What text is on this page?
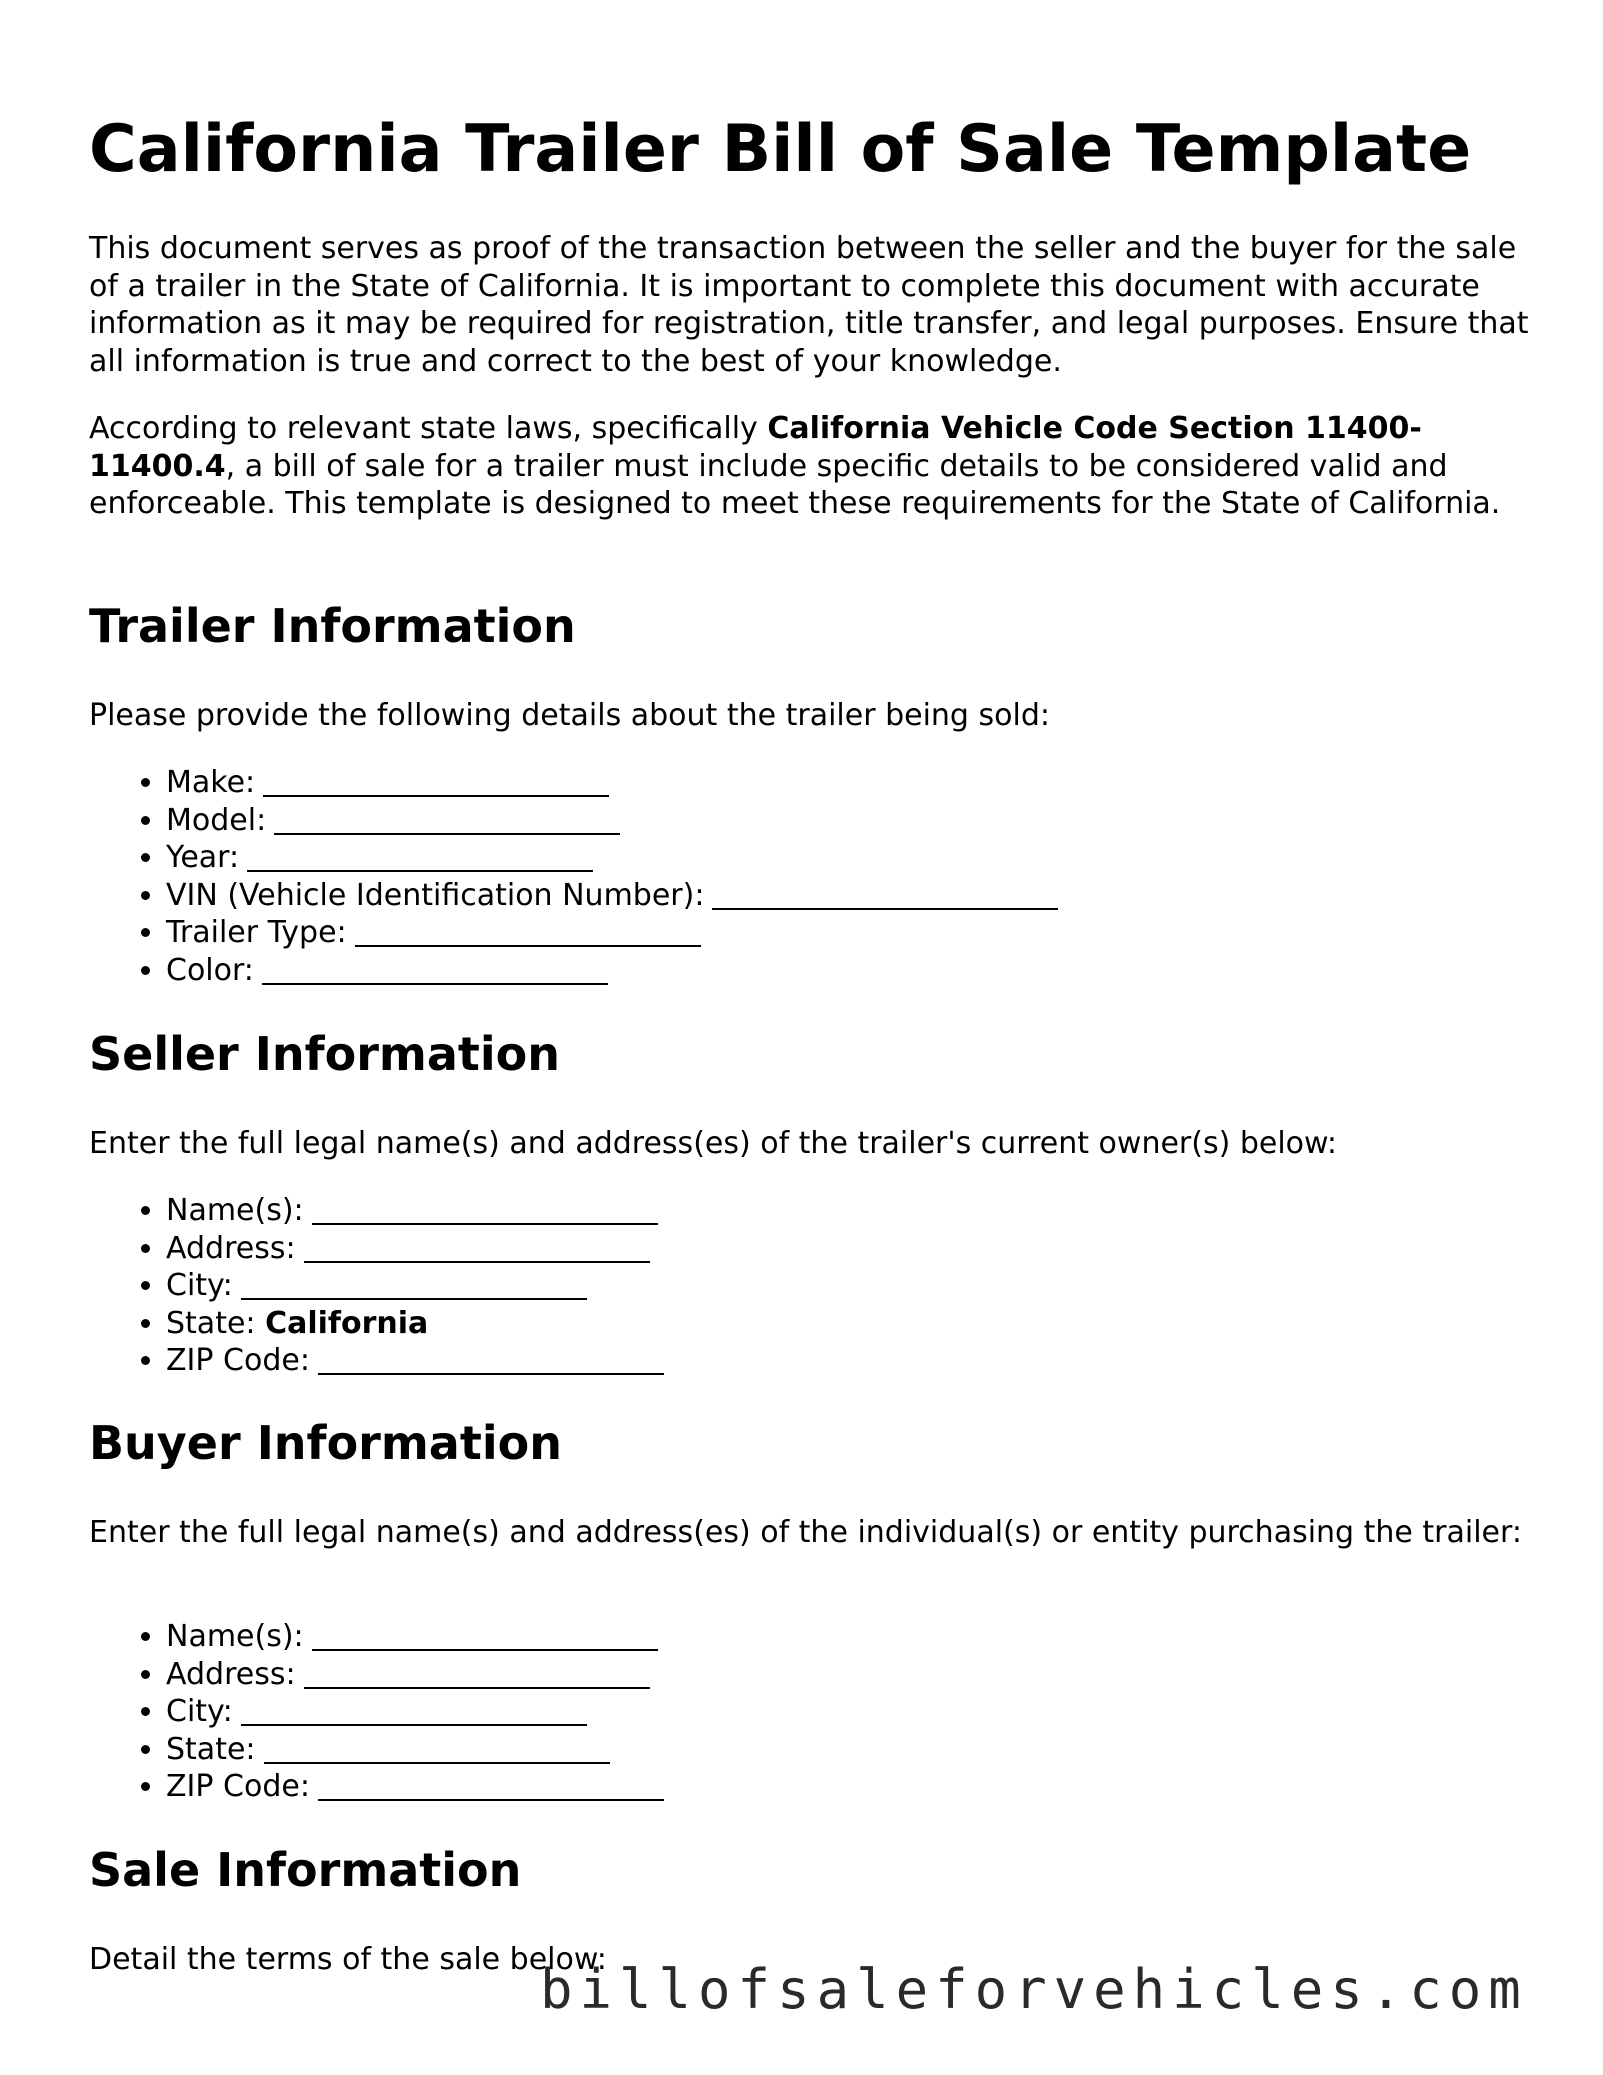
California Trailer Bill of Sale Template

This document serves as proof of the transaction between the seller and the buyer for the sale of a trailer in the State of California. It is important to complete this document with accurate information as it may be required for registration, title transfer, and legal purposes. Ensure that all information is true and correct to the best of your knowledge.

According to relevant state laws, specifically California Vehicle Code Section 11400-11400.4, a bill of sale for a trailer must include specific details to be considered valid and enforceable. This template is designed to meet these requirements for the State of California.

Trailer Information

Please provide the following details about the trailer being sold:

• Make:
• Model:
• Year:
• VIN (Vehicle Identification Number):
• Trailer Type:
• Color:
Seller Information

Enter the full legal name(s) and address(es) of the trailer's current owner(s) below:

• Name(s):
• Address:
• City:
• State: California
• ZIP Code:
Buyer Information

Enter the full legal name(s) and address(es) of the individual(s) or entity purchasing the trailer:

• Name(s):
• Address:
• City:
• State:
• ZIP Code:
Sale Information

Detail the terms of the sale below:

billofsaleforvehicles.com
